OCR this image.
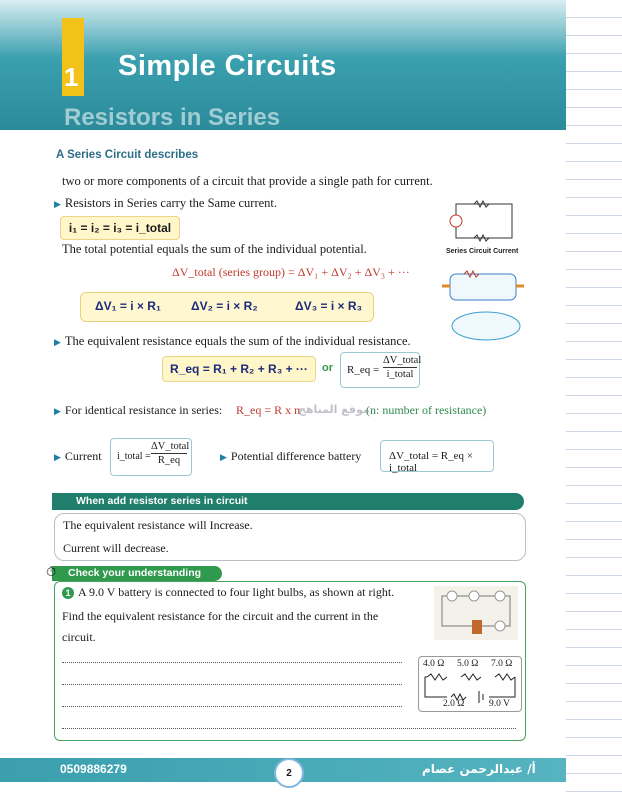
1 Simple Circuits
Resistors in Series
A Series Circuit describes
two or more components of a circuit that provide a single path for current.
▶ Resistors in Series carry the Same current.
i₁ = i₂ = i₃ = i_total
The total potential equals the sum of the individual potential.
ΔV_total (series group) = ΔV₁ + ΔV₂ + ΔV₃ + ···
ΔV₁ = i × R₁	ΔV₂ = i × R₂	ΔV₃ = i × R₃
▶ The equivalent resistance equals the sum of the individual resistance.
R_eq = R₁ + R₂ + R₃ + ···	or R_eq =
ΔV_total
i_total
▶ For identical resistance in series: R_eq = R x n	(n: number of resistance)
موقع المناهج
▶ Current i_total =
ΔV_total
R_eq	▶ Potential difference battery	ΔV_total = R_eq × i_total
Series Circuit Current
When add resistor series in circuit
The equivalent resistance will Increase.
Current will decrease.
Check your understanding
⏱
1 A 9.0 V battery is connected to four light bulbs, as shown at right.
Find the equivalent resistance for the circuit and the current in the
circuit.
4.0 Ω 5.0 Ω 7.0 Ω
2.0 Ω	9.0 V
0509886279	2	أ/ عبدالرحمن عصام
